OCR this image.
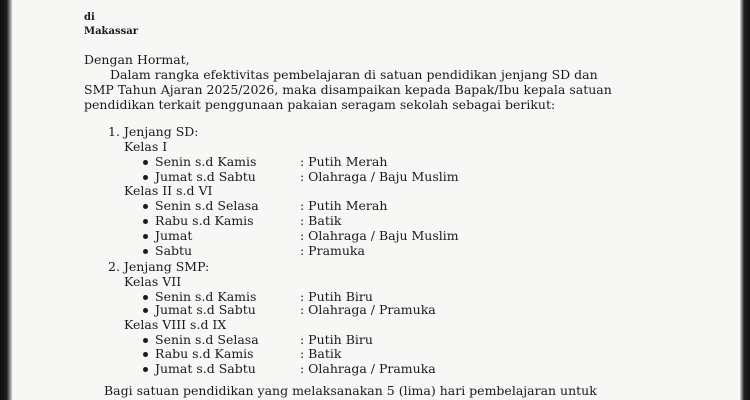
di
Makassar
Dengan Hormat,
Dalam rangka efektivitas pembelajaran di satuan pendidikan jenjang SD dan
SMP Tahun Ajaran 2025/2026, maka disampaikan kepada Bapak/Ibu kepala satuan
pendidikan terkait penggunaan pakaian seragam sekolah sebagai berikut:
1. Jenjang SD:
Kelas I
Senin s.d Kamis	: Putih Merah
Jumat s.d Sabtu	: Olahraga / Baju Muslim
Kelas II s.d VI
Senin s.d Selasa	: Putih Merah
Rabu s.d Kamis	: Batik
Jumat	: Olahraga / Baju Muslim
Sabtu	: Pramuka
2. Jenjang SMP:
Kelas VII
Senin s.d Kamis	: Putih Biru
Jumat s.d Sabtu	: Olahraga / Pramuka
Kelas VIII s.d IX
Senin s.d Selasa	: Putih Biru
Rabu s.d Kamis	: Batik
Jumat s.d Sabtu	: Olahraga / Pramuka
Bagi satuan pendidikan yang melaksanakan 5 (lima) hari pembelajaran untuk
